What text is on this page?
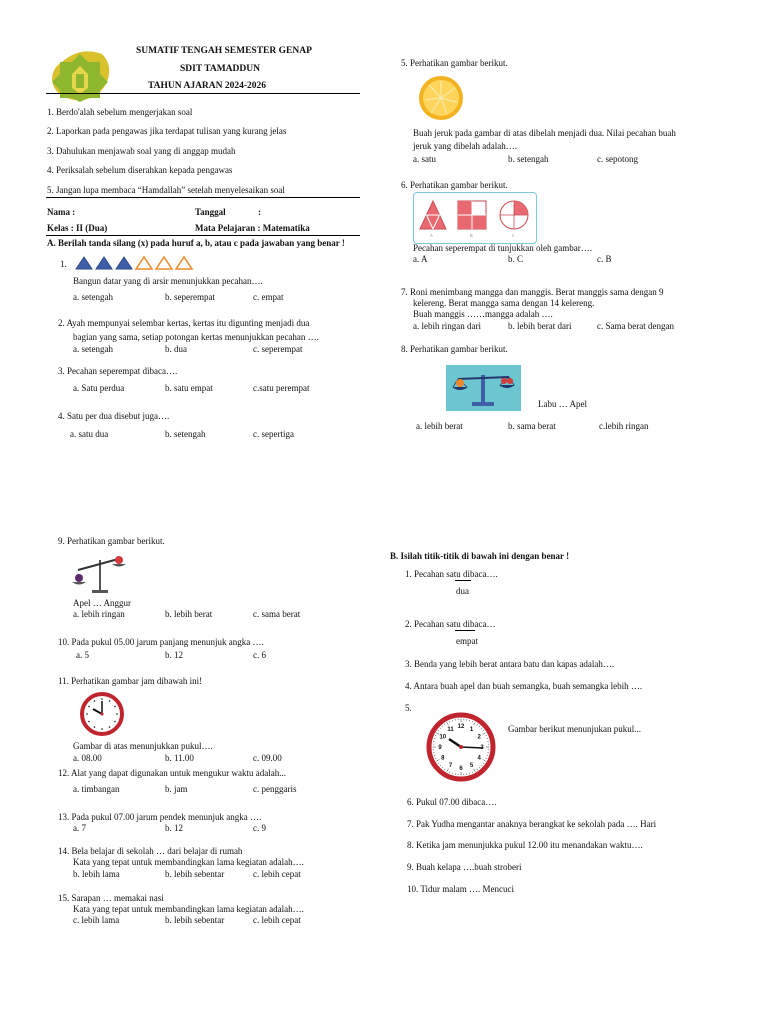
SUMATIF TENGAH SEMESTER GENAP
SDIT TAMADDUN
TAHUN AJARAN 2024-2026
1. Berdo'alah sebelum mengerjakan soal
2. Laporkan pada pengawas jika terdapat tulisan yang kurang jelas
3. Dahulukan menjawab soal yang di anggap mudah
4. Periksalah sebelum diserahkan kepada pengawas
5. Jangan lupa membaca “Hamdallah” setelah menyelesaikan soal
Nama :	Tanggal	:
Kelas : II (Dua)	Mata Pelajaran : Matematika
A. Berilah tanda silang (x) pada huruf a, b, atau c pada jawaban yang benar !
1.
Bangun datar yang di arsir menunjukkan pecahan….
a. setengah	b. seperempat	c. empat
2. Ayah mempunyai selembar kertas, kertas itu digunting menjadi dua
bagian yang sama, setiap potongan kertas menunjukkan pecahan ….
a. setengah	b. dua	c. seperempat
3. Pecahan seperempat dibaca….
a. Satu perdua	b. satu empat	c.satu perempat
4. Satu per dua disebut juga….
a. satu dua	b. setengah	c. sepertiga
5. Perhatikan gambar berikut.
Buah jeruk pada gambar di atas dibelah menjadi dua. Nilai pecahan buah
jeruk yang dibelah adalah….
a. satu	b. setengah	c. sepotong
6. Perhatikan gambar berikut.
A	B	C
Pecahan seperempat di tunjukkan oleh gambar….
a. A	b. C	c. B
7. Roni menimbang mangga dan manggis. Berat manggis sama dengan 9
kelereng. Berat mangga sama dengan 14 kelereng.
Buah manggis ……mangga adalah ….
a. lebih ringan dari	b. lebih berat dari	c. Sama berat dengan
8. Perhatikan gambar berikut.
Labu … Apel
a. lebih berat	b. sama berat	c.lebih ringan
9. Perhatikan gambar berikut.
Apel … Anggur
a. lebih ringan	b. lebih berat	c. sama berat
10. Pada pukul 05.00 jarum panjang menunjuk angka ….
a. 5	b. 12	c. 6
11. Perhatikan gambar jam dibawah ini!
Gambar di atas menunjukkan pukul….
a. 08.00	b. 11.00	c. 09.00
12. Alat yang dapat digunakan untuk mengukur waktu adalah...
a. timbangan	b. jam	c. penggaris
13. Pada pukul 07.00 jarum pendek menunjuk angka ….
a. 7	b. 12	c. 9
14. Bela belajar di sekolah … dari belajar di rumah
Kata yang tepat untuk membandingkan lama kegiatan adalah….
b. lebih lama	b. lebih sebentar	c. lebih cepat
15. Sarapan … memakai nasi
Kata yang tepat untuk membandingkan lama kegiatan adalah….
c. lebih lama	b. lebih sebentar	c. lebih cepat
B. Isilah titik-titik di bawah ini dengan benar !
1. Pecahan satu dibaca….
dua
2. Pecahan satu dibaca…
empat
3. Benda yang lebih berat antara batu dan kapas adalah….
4. Antara buah apel dan buah semangka, buah semangka lebih ….
5.
12 1
2
4
5
6
7
8
9
10
11	Gambar berikut menunjukan pukul...
6. Pukul 07.00 dibaca….
7. Pak Yudha mengantar anaknya berangkat ke sekolah pada …. Hari
8. Ketika jam menunjukka pukul 12.00 itu menandakan waktu….
9. Buah kelapa ….buah stroberi
10. Tidur malam …. Mencuci
